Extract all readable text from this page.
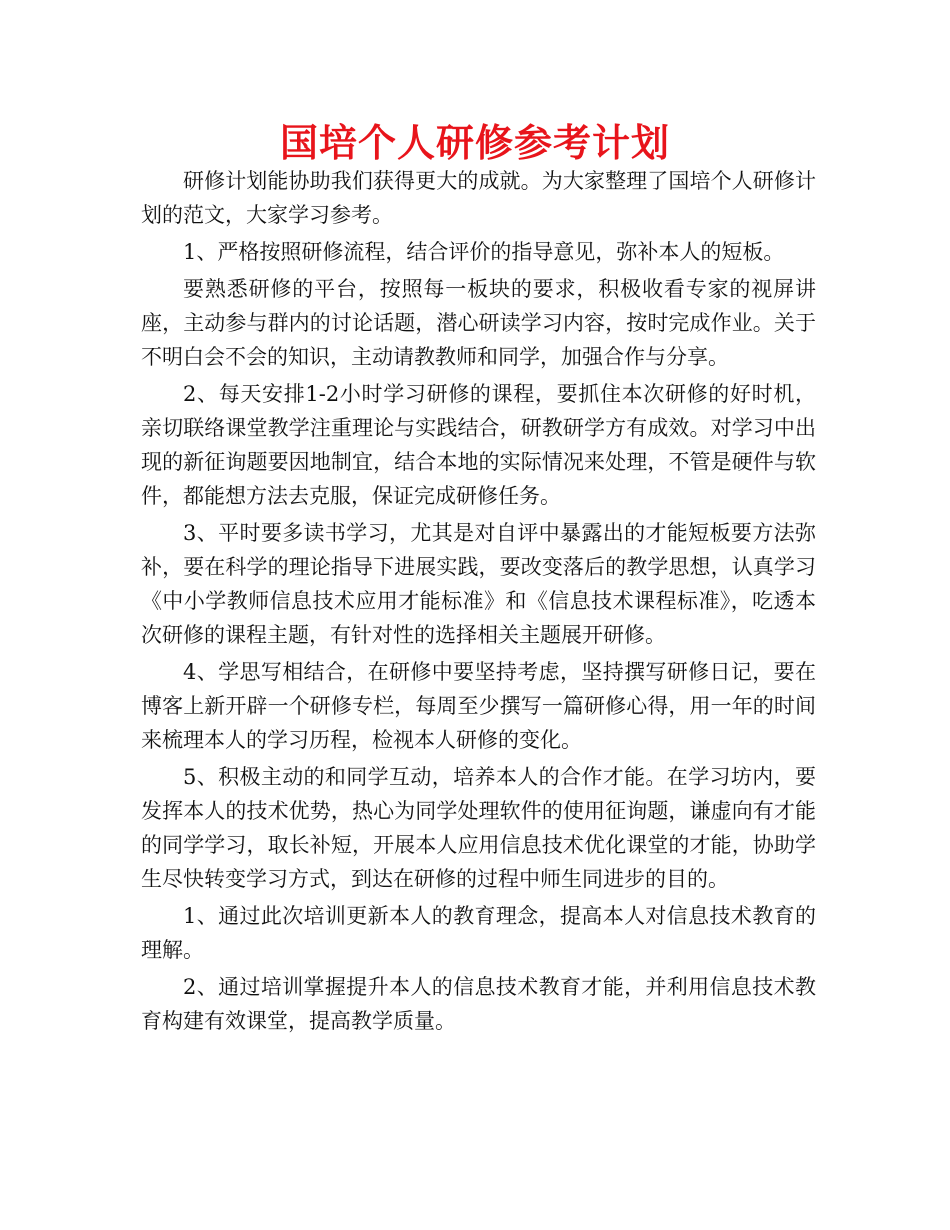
国培个人研修参考计划

研修计划能协助我们获得更大的成就。为大家整理了国培个人研修计划的范文，大家学习参考。

1、严格按照研修流程，结合评价的指导意见，弥补本人的短板。

要熟悉研修的平台，按照每一板块的要求，积极收看专家的视屏讲座，主动参与群内的讨论话题，潜心研读学习内容，按时完成作业。关于不明白会不会的知识，主动请教教师和同学，加强合作与分享。

2、每天安排1-2小时学习研修的课程，要抓住本次研修的好时机，亲切联络课堂教学注重理论与实践结合，研教研学方有成效。对学习中出现的新征询题要因地制宜，结合本地的实际情况来处理，不管是硬件与软件，都能想方法去克服，保证完成研修任务。

3、平时要多读书学习，尤其是对自评中暴露出的才能短板要方法弥补，要在科学的理论指导下进展实践，要改变落后的教学思想，认真学习《中小学教师信息技术应用才能标准》和《信息技术课程标准》，吃透本次研修的课程主题，有针对性的选择相关主题展开研修。

4、学思写相结合，在研修中要坚持考虑，坚持撰写研修日记，要在博客上新开辟一个研修专栏，每周至少撰写一篇研修心得，用一年的时间来梳理本人的学习历程，检视本人研修的变化。

5、积极主动的和同学互动，培养本人的合作才能。在学习坊内，要发挥本人的技术优势，热心为同学处理软件的使用征询题，谦虚向有才能的同学学习，取长补短，开展本人应用信息技术优化课堂的才能，协助学生尽快转变学习方式，到达在研修的过程中师生同进步的目的。

1、通过此次培训更新本人的教育理念，提高本人对信息技术教育的理解。

2、通过培训掌握提升本人的信息技术教育才能，并利用信息技术教育构建有效课堂，提高教学质量。
